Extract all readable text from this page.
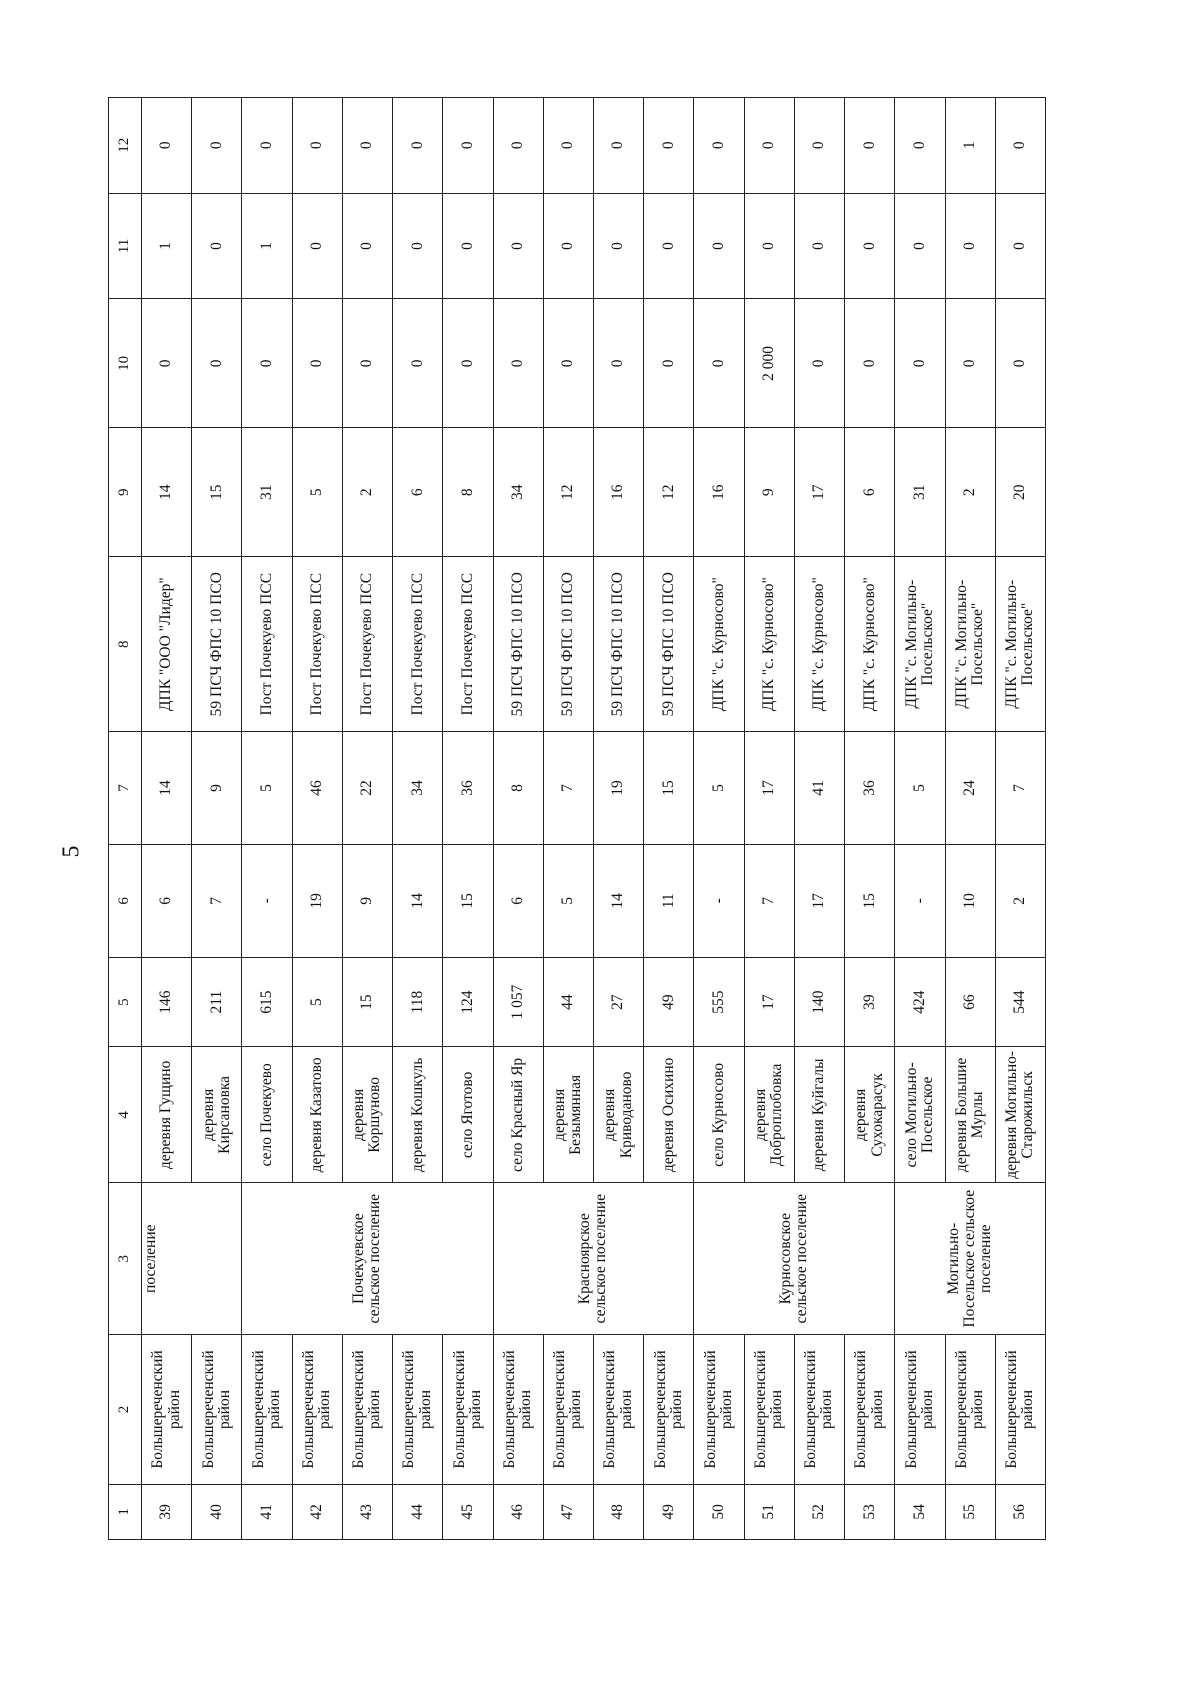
5
1	2	3	4	5	6	7	8	9	10	11	12
39	Большереченский район	поселение	деревня Гущино	146	6	14	ДПК "ООО "Лидер"	14	0	1	0
40	Большереченский район		деревня Кирсановка	211	7	9	59 ПСЧ ФПС 10 ПСО	15	0	0	0
41	Большереченский район	Почекуевское сельское поселение	село Почекуево	615	-	5	Пост Почекуево ПСС	31	0	1	0
42	Большереченский район		деревня Казатово	5	19	46	Пост Почекуево ПСС	5	0	0	0
43	Большереченский район		деревня Коршуново	15	9	22	Пост Почекуево ПСС	2	0	0	0
44	Большереченский район		деревня Кошкуль	118	14	34	Пост Почекуево ПСС	6	0	0	0
45	Большереченский район		село Яготово	124	15	36	Пост Почекуево ПСС	8	0	0	0
46	Большереченский район	Красноярское сельское поселение	село Красный Яр	1 057	6	8	59 ПСЧ ФПС 10 ПСО	34	0	0	0
47	Большереченский район		деревня Безымянная	44	5	7	59 ПСЧ ФПС 10 ПСО	12	0	0	0
48	Большереченский район		деревня Криводаново	27	14	19	59 ПСЧ ФПС 10 ПСО	16	0	0	0
49	Большереченский район		деревня Осихино	49	11	15	59 ПСЧ ФПС 10 ПСО	12	0	0	0
50	Большереченский район	Курносовское сельское поселение	село Курносово	555	-	5	ДПК "с. Курносово"	16	0	0	0
51	Большереченский район		деревня Доброплобовка	17	7	17	ДПК "с. Курносово"	9	2 000	0	0
52	Большереченский район		деревня Куйгалы	140	17	41	ДПК "с. Курносово"	17	0	0	0
53	Большереченский район		деревня Сухокарасук	39	15	36	ДПК "с. Курносово"	6	0	0	0
54	Большереченский район	Могильно-Посельское сельское поселение	село Могильно-Посельское	424	-	5	ДПК "с. Могильно-Посельское"	31	0	0	0
55	Большереченский район		деревня Большие Мурлы	66	10	24	ДПК "с. Могильно-Посельское"	2	0	0	1
56	Большереченский район		деревня Могильно-Старожильск	544	2	7	ДПК "с. Могильно-Посельское"	20	0	0	0
